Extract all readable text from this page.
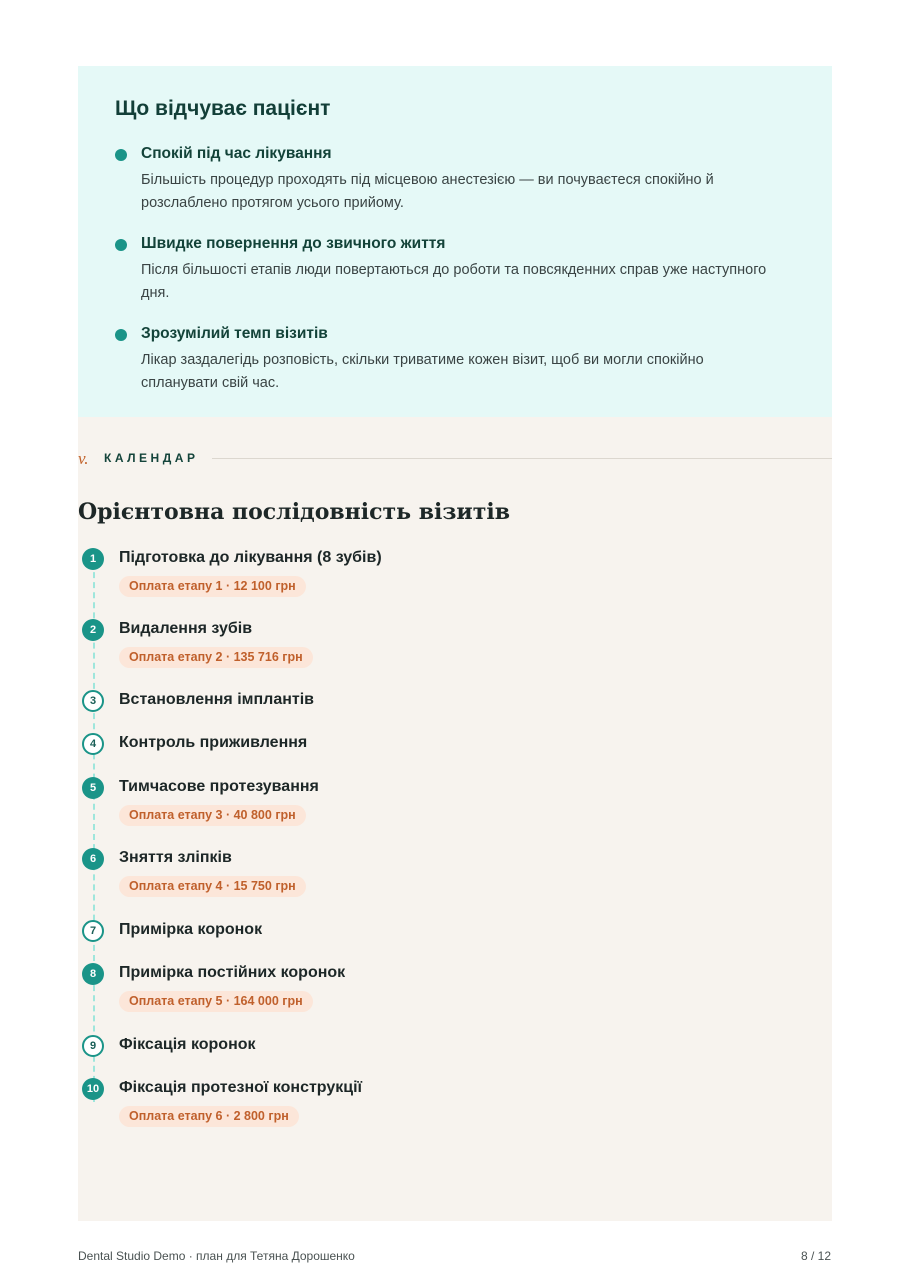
Що відчуває пацієнт
Спокій під час лікування
Більшість процедур проходять під місцевою анестезією — ви почуваєтеся спокійно й розслаблено протягом усього прийому.
Швидке повернення до звичного життя
Після більшості етапів люди повертаються до роботи та повсякденних справ уже наступного дня.
Зрозумілий темп візитів
Лікар заздалегідь розповість, скільки триватиме кожен візит, щоб ви могли спокійно спланувати свій час.
v. КАЛЕНДАР
Орієнтовна послідовність візитів
1	Підготовка до лікування (8 зубів)
Оплата етапу 1 · 12 100 грн
2	Видалення зубів
Оплата етапу 2 · 135 716 грн
3	Встановлення імплантів
4	Контроль приживлення
5	Тимчасове протезування
Оплата етапу 3 · 40 800 грн
6	Зняття зліпків
Оплата етапу 4 · 15 750 грн
7	Примірка коронок
8	Примірка постійних коронок
Оплата етапу 5 · 164 000 грн
9	Фіксація коронок
10	Фіксація протезної конструкції
Оплата етапу 6 · 2 800 грн
Dental Studio Demo · план для Тетяна Дорошенко	8 / 12
